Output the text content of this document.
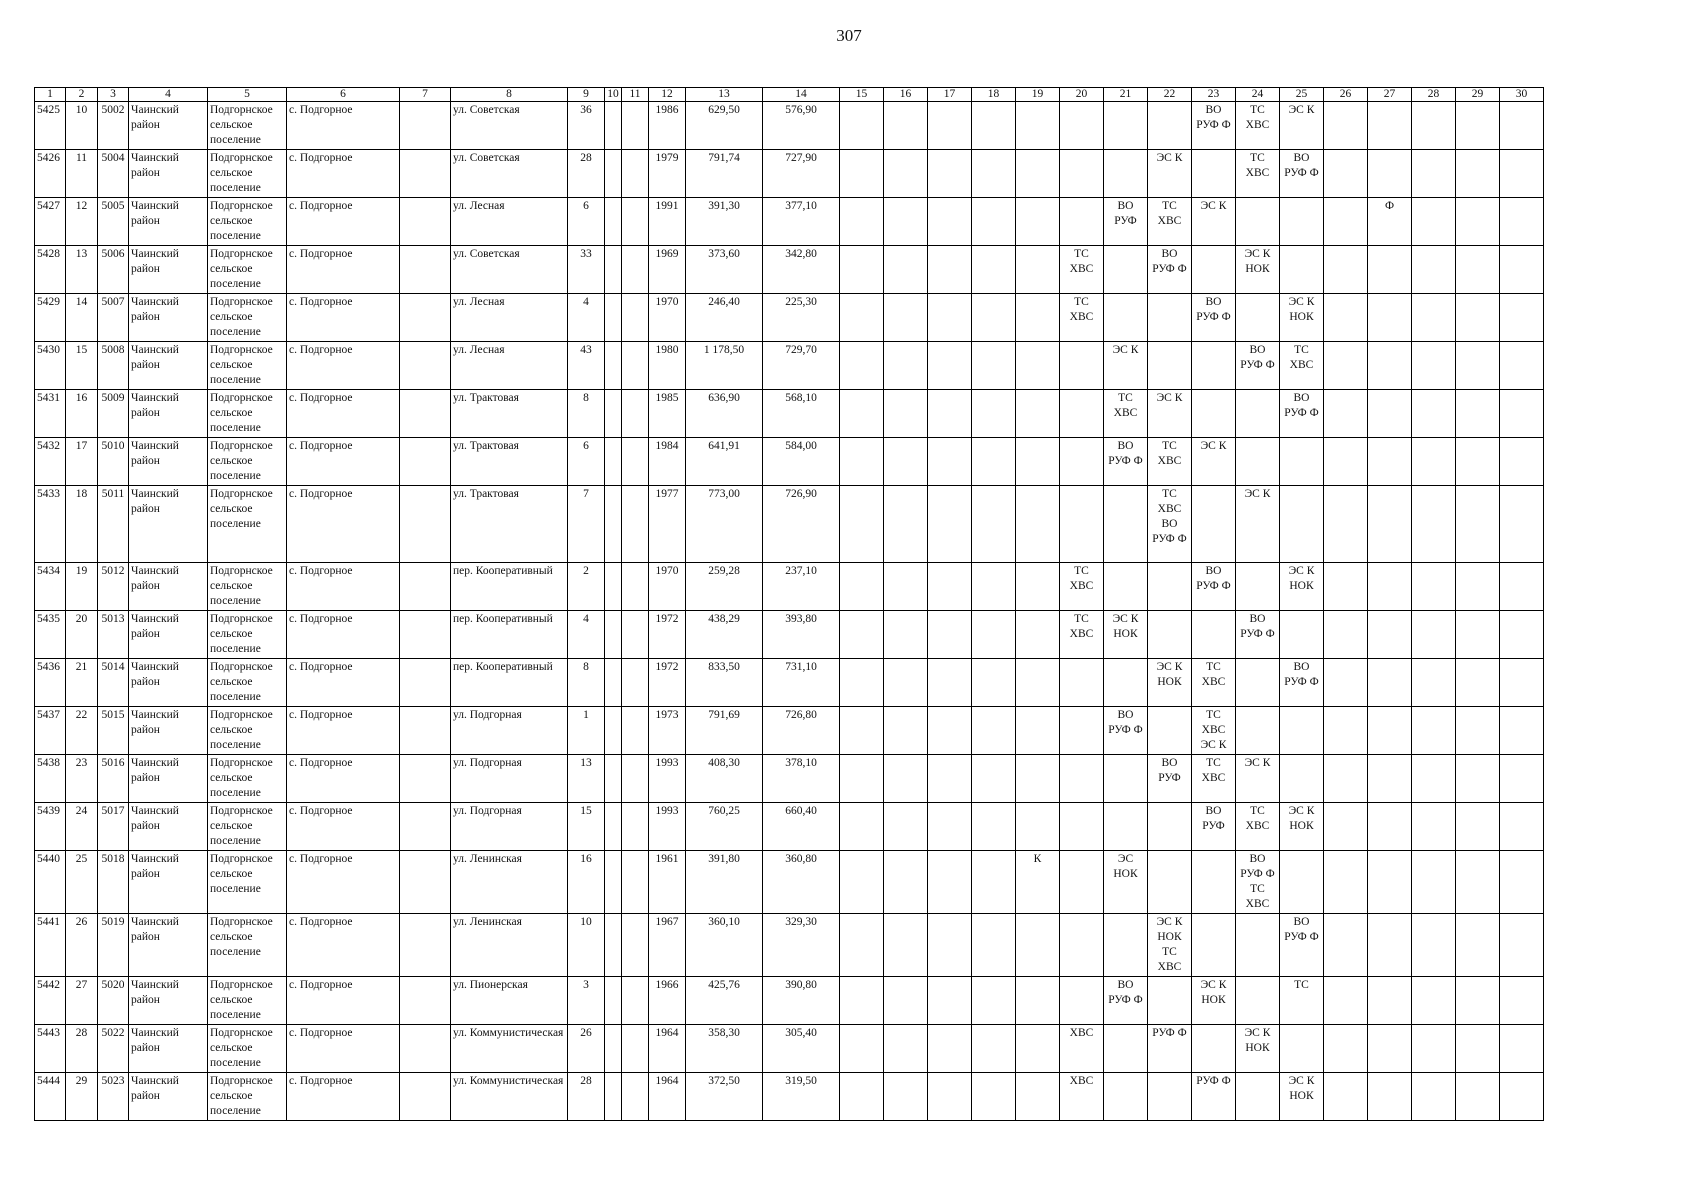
307
1	2	3	4	5	6	7	8	9	10	11	12	13	14	15	16	17	18	19	20	21	22	23	24	25	26	27	28	29	30
5425	10	5002	Чаинский район	Подгорнское сельское поселение	с. Подгорное		ул. Советская	36			1986	629,50	576,90									ВО
РУФ Ф	ТС
ХВС	ЭС К					

5426	11	5004	Чаинский район	Подгорнское сельское поселение	с. Подгорное		ул. Советская	28			1979	791,74	727,90								ЭС К		ТС
ХВС	ВО
РУФ Ф					

5427	12	5005	Чаинский район	Подгорнское сельское поселение	с. Подгорное		ул. Лесная	6			1991	391,30	377,10							ВО
РУФ	ТС
ХВС	ЭС К				Ф			

5428	13	5006	Чаинский район	Подгорнское сельское поселение	с. Подгорное		ул. Советская	33			1969	373,60	342,80						ТС
ХВС		ВО
РУФ Ф		ЭС К
НОК						

5429	14	5007	Чаинский район	Подгорнское сельское поселение	с. Подгорное		ул. Лесная	4			1970	246,40	225,30						ТС
ХВС			ВО
РУФ Ф		ЭС К
НОК					

5430	15	5008	Чаинский район	Подгорнское сельское поселение	с. Подгорное		ул. Лесная	43			1980	1 178,50	729,70							ЭС К			ВО
РУФ Ф	ТС
ХВС					

5431	16	5009	Чаинский район	Подгорнское сельское поселение	с. Подгорное		ул. Трактовая	8			1985	636,90	568,10							ТС
ХВС	ЭС К			ВО
РУФ Ф					

5432	17	5010	Чаинский район	Подгорнское сельское поселение	с. Подгорное		ул. Трактовая	6			1984	641,91	584,00							ВО
РУФ Ф	ТС
ХВС	ЭС К							

5433	18	5011	Чаинский район	Подгорнское сельское поселение	с. Подгорное		ул. Трактовая	7			1977	773,00	726,90								ТС
ХВС
ВО
РУФ Ф		ЭС К						

5434	19	5012	Чаинский район	Подгорнское сельское поселение	с. Подгорное		пер. Кооперативный	2			1970	259,28	237,10						ТС
ХВС			ВО
РУФ Ф		ЭС К
НОК					

5435	20	5013	Чаинский район	Подгорнское сельское поселение	с. Подгорное		пер. Кооперативный	4			1972	438,29	393,80						ТС
ХВС	ЭС К
НОК			ВО
РУФ Ф						

5436	21	5014	Чаинский район	Подгорнское сельское поселение	с. Подгорное		пер. Кооперативный	8			1972	833,50	731,10								ЭС К
НОК	ТС
ХВС		ВО
РУФ Ф					

5437	22	5015	Чаинский район	Подгорнское сельское поселение	с. Подгорное		ул. Подгорная	1			1973	791,69	726,80							ВО
РУФ Ф		ТС
ХВС
ЭС К							

5438	23	5016	Чаинский район	Подгорнское сельское поселение	с. Подгорное		ул. Подгорная	13			1993	408,30	378,10								ВО
РУФ	ТС
ХВС	ЭС К						

5439	24	5017	Чаинский район	Подгорнское сельское поселение	с. Подгорное		ул. Подгорная	15			1993	760,25	660,40									ВО
РУФ	ТС
ХВС	ЭС К
НОК					

5440	25	5018	Чаинский район	Подгорнское сельское поселение	с. Подгорное		ул. Ленинская	16			1961	391,80	360,80					К		ЭС
НОК			ВО
РУФ Ф
ТС
ХВС						

5441	26	5019	Чаинский район	Подгорнское сельское поселение	с. Подгорное		ул. Ленинская	10			1967	360,10	329,30								ЭС К
НОК
ТС
ХВС			ВО
РУФ Ф					

5442	27	5020	Чаинский район	Подгорнское сельское поселение	с. Подгорное		ул. Пионерская	3			1966	425,76	390,80							ВО
РУФ Ф		ЭС К
НОК		ТС					

5443	28	5022	Чаинский район	Подгорнское сельское поселение	с. Подгорное		ул. Коммунистическая	26			1964	358,30	305,40						ХВС		РУФ Ф		ЭС К
НОК						

5444	29	5023	Чаинский район	Подгорнское сельское поселение	с. Подгорное		ул. Коммунистическая	28			1964	372,50	319,50						ХВС			РУФ Ф		ЭС К
НОК					
